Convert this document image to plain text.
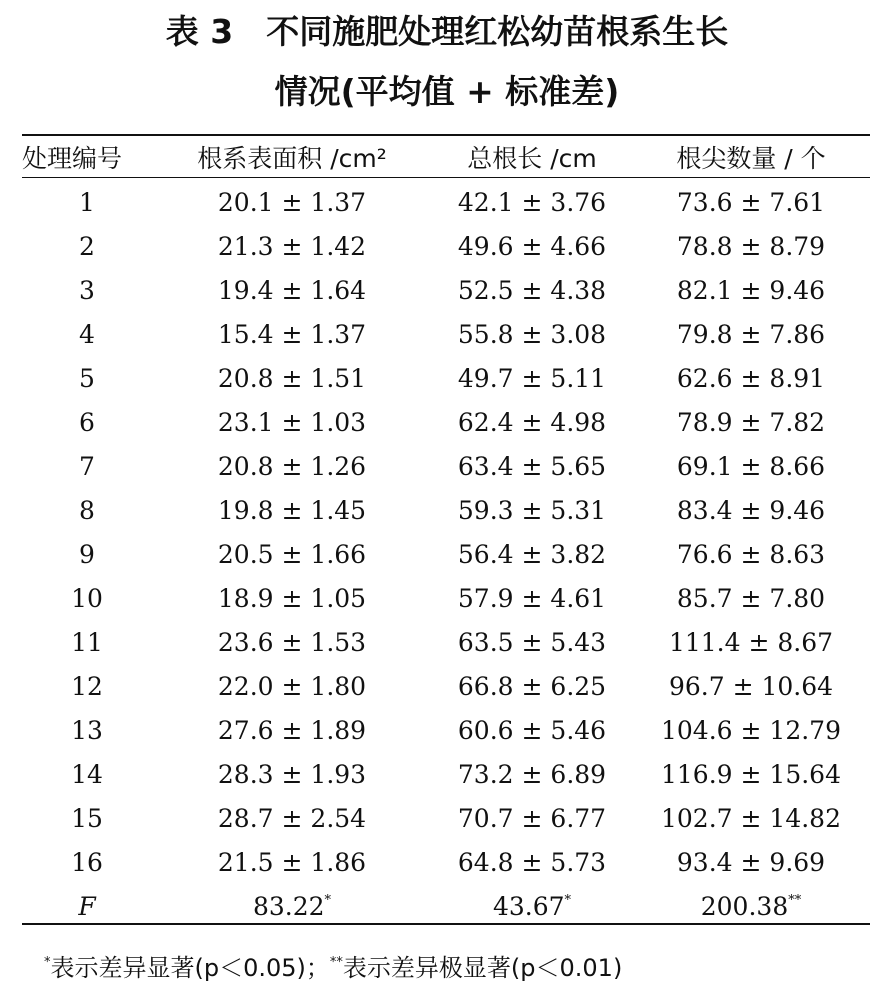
表 3　不同施肥处理红松幼苗根系生长
情况(平均值 + 标准差)
处理编号	根系表面积 /cm²	总根长 /cm	根尖数量 / 个
1	20.1 ± 1.37	42.1 ± 3.76	73.6 ± 7.61
2	21.3 ± 1.42	49.6 ± 4.66	78.8 ± 8.79
3	19.4 ± 1.64	52.5 ± 4.38	82.1 ± 9.46
4	15.4 ± 1.37	55.8 ± 3.08	79.8 ± 7.86
5	20.8 ± 1.51	49.7 ± 5.11	62.6 ± 8.91
6	23.1 ± 1.03	62.4 ± 4.98	78.9 ± 7.82
7	20.8 ± 1.26	63.4 ± 5.65	69.1 ± 8.66
8	19.8 ± 1.45	59.3 ± 5.31	83.4 ± 9.46
9	20.5 ± 1.66	56.4 ± 3.82	76.6 ± 8.63
10	18.9 ± 1.05	57.9 ± 4.61	85.7 ± 7.80
11	23.6 ± 1.53	63.5 ± 5.43	111.4 ± 8.67
12	22.0 ± 1.80	66.8 ± 6.25	96.7 ± 10.64
13	27.6 ± 1.89	60.6 ± 5.46	104.6 ± 12.79
14	28.3 ± 1.93	73.2 ± 6.89	116.9 ± 15.64
15	28.7 ± 2.54	70.7 ± 6.77	102.7 ± 14.82
16	21.5 ± 1.86	64.8 ± 5.73	93.4 ± 9.69
F	83.22*	43.67*	200.38**
*表示差异显著(p＜0.05)；**表示差异极显著(p＜0.01)
